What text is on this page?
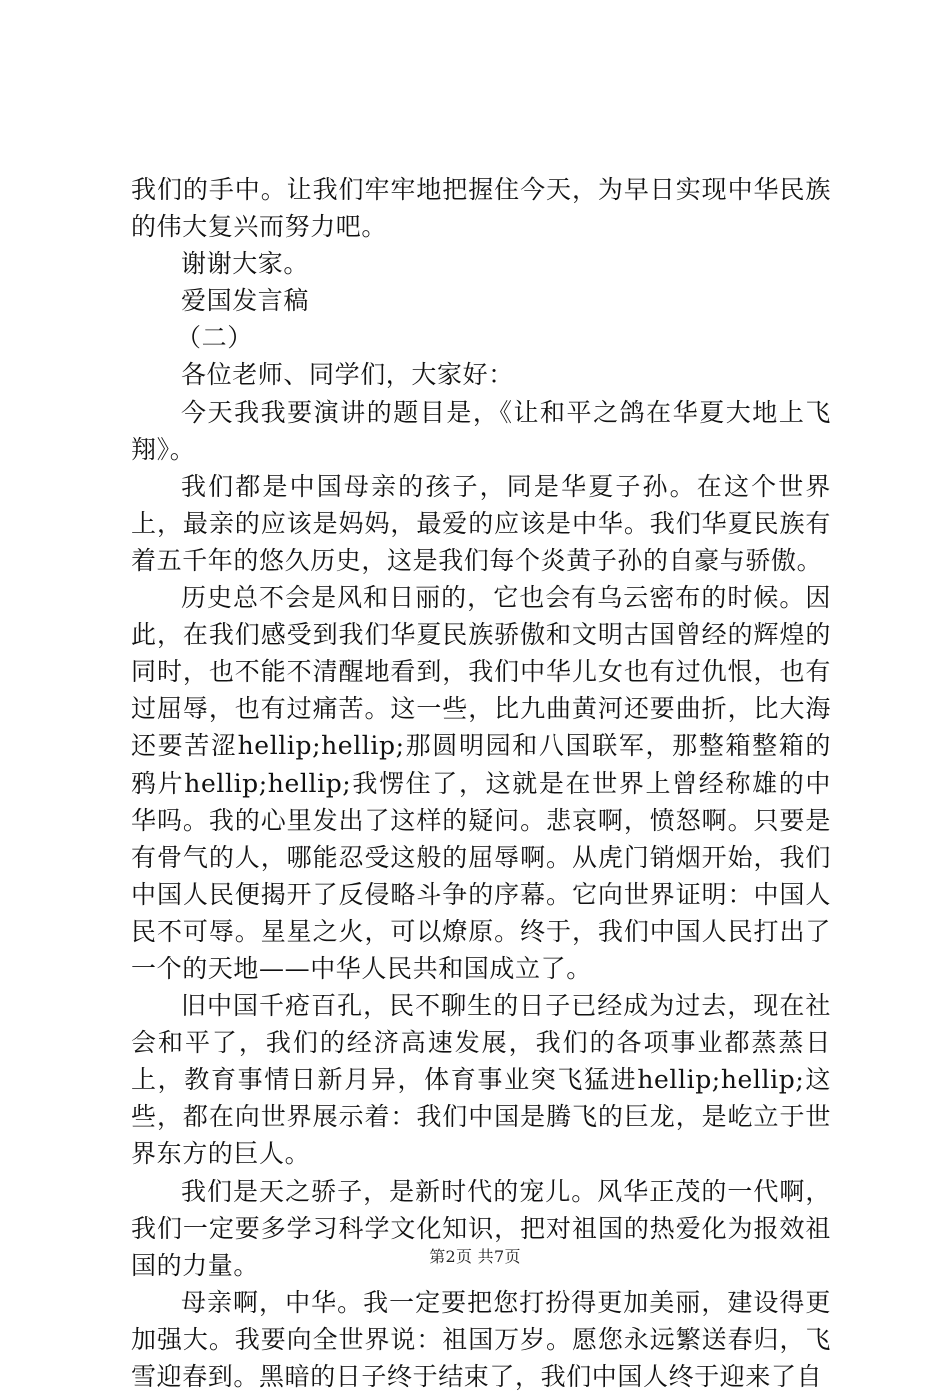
我们的手中。让我们牢牢地把握住今天，为早日实现中华民族的伟大复兴而努力吧。

谢谢大家。

爱国发言稿

（二）

各位老师、同学们，大家好：

今天我我要演讲的题目是，《让和平之鸽在华夏大地上飞翔》。

我们都是中国母亲的孩子，同是华夏子孙。在这个世界上，最亲的应该是妈妈，最爱的应该是中华。我们华夏民族有着五千年的悠久历史，这是我们每个炎黄子孙的自豪与骄傲。

历史总不会是风和日丽的，它也会有乌云密布的时候。因此，在我们感受到我们华夏民族骄傲和文明古国曾经的辉煌的同时，也不能不清醒地看到，我们中华儿女也有过仇恨，也有过屈辱，也有过痛苦。这一些，比九曲黄河还要曲折，比大海还要苦涩hellip;hellip;那圆明园和八国联军，那整箱整箱的鸦片hellip;hellip;我愣住了，这就是在世界上曾经称雄的中华吗。我的心里发出了这样的疑问。悲哀啊，愤怒啊。只要是有骨气的人，哪能忍受这般的屈辱啊。从虎门销烟开始，我们中国人民便揭开了反侵略斗争的序幕。它向世界证明：中国人民不可辱。星星之火，可以燎原。终于，我们中国人民打出了一个的天地——中华人民共和国成立了。

旧中国千疮百孔，民不聊生的日子已经成为过去，现在社会和平了，我们的经济高速发展，我们的各项事业都蒸蒸日上，教育事情日新月异，体育事业突飞猛进hellip;hellip;这些，都在向世界展示着：我们中国是腾飞的巨龙，是屹立于世界东方的巨人。

我们是天之骄子，是新时代的宠儿。风华正茂的一代啊，我们一定要多学习科学文化知识，把对祖国的热爱化为报效祖国的力量。

母亲啊，中华。我一定要把您打扮得更加美丽，建设得更加强大。我要向全世界说：祖国万岁。愿您永远繁送春归，飞雪迎春到。黑暗的日子终于结束了，我们中国人终于迎来了自

第2页 共7页
